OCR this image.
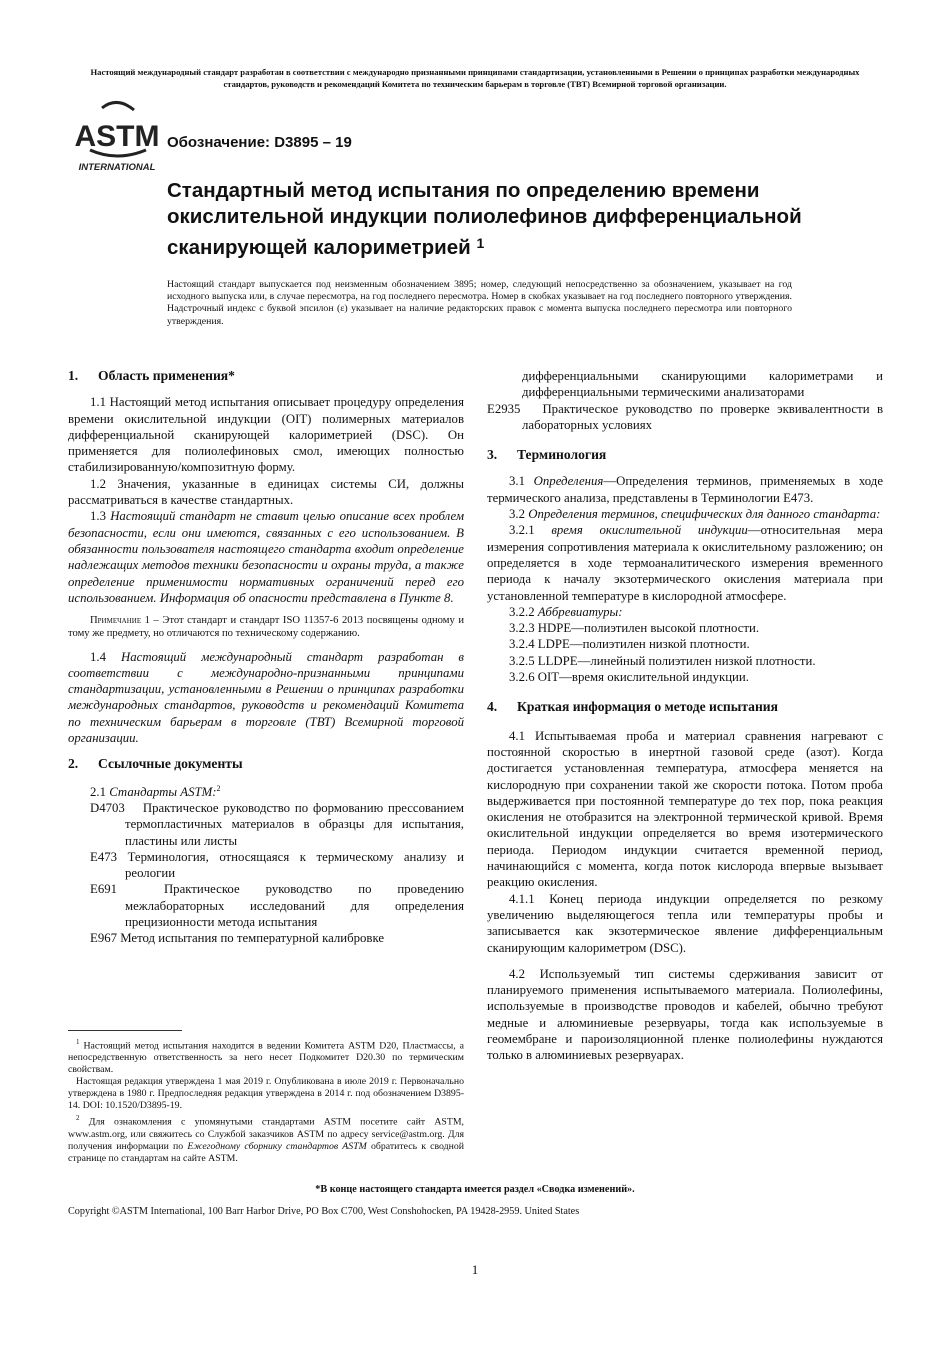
Настоящий международный стандарт разработан в соответствии с международно признанными принципами стандартизации, установленными в Решении о принципах разработки международных стандартов, руководств и рекомендаций Комитета по техническим барьерам в торговле (ТВТ) Всемирной торговой организации.
ASTM
INTERNATIONAL
Обозначение: D3895 – 19
Стандартный метод испытания по определению времени окислительной индукции полиолефинов дифференциальной сканирующей калориметрией $^1$
Настоящий стандарт выпускается под неизменным обозначением 3895; номер, следующий непосредственно за обозначением, указывает на год исходного выпуска или, в случае пересмотра, на год последнего пересмотра. Номер в скобках указывает на год последнего повторного утверждения. Надстрочный индекс с буквой эпсилон (ε) указывает на наличие редакторских правок с момента выпуска последнего пересмотра или повторного утверждения.
1. Область применения*
1.1 Настоящий метод испытания описывает процедуру определения времени окислительной индукции (OIT) полимерных материалов дифференциальной сканирующей калориметрией (DSC). Он применяется для полиолефиновых смол, имеющих полностью стабилизированную/композитную форму.
1.2 Значения, указанные в единицах системы СИ, должны рассматриваться в качестве стандартных.
1.3 Настоящий стандарт не ставит целью описание всех проблем безопасности, если они имеются, связанных с его использованием. В обязанности пользователя настоящего стандарта входит определение надлежащих методов техники безопасности и охраны труда, а также определение применимости нормативных ограничений перед его использованием. Информация об опасности представлена в Пункте 8.
Примечание 1 – Этот стандарт и стандарт ISO 11357-6 2013 посвящены одному и тому же предмету, но отличаются по техническому содержанию.
1.4 Настоящий международный стандарт разработан в соответствии с международно-признанными принципами стандартизации, установленными в Решении о принципах разработки международных стандартов, руководств и рекомендаций Комитета по техническим барьерам в торговле (ТВТ) Всемирной торговой организации.
2. Ссылочные документы
2.1 Стандарты ASTM:$^2$
D4703 Практическое руководство по формованию прессованием термопластичных материалов в образцы для испытания, пластины или листы
E473 Терминология, относящаяся к термическому анализу и реологии
E691	Практическое руководство по проведению межлабораторных исследований для определения прецизионности метода испытания
E967 Метод испытания по температурной калибровке

$^1$ Настоящий метод испытания находится в ведении Комитета ASTM D20, Пластмассы, а непосредственную ответственность за него несет Подкомитет D20.30 по термическим свойствам.

Настоящая редакция утверждена 1 мая 2019 г. Опубликована в июле 2019 г. Первоначально утверждена в 1980 г. Предпоследняя редакция утверждена в 2014 г. под обозначением D3895-14. DOI: 10.1520/D3895-19.

$^2$ Для ознакомления с упомянутыми стандартами ASTM посетите сайт ASTM, www.astm.org, или свяжитесь со Службой заказчиков ASTM по адресу service@astm.org. Для получения информации по Ежегодному сборнику стандартов ASTM обратитесь к сводной странице по стандартам на сайте ASTM.

дифференциальными сканирующими калориметрами и дифференциальными термическими анализаторами
E2935 Практическое руководство по проверке эквивалентности в лабораторных условиях
3. Терминология
3.1 Определения—Определения терминов, применяемых в ходе термического анализа, представлены в Терминологии E473.
3.2 Определения терминов, специфических для данного стандарта:
3.2.1 время окислительной индукции—относительная мера измерения сопротивления материала к окислительному разложению; он определяется в ходе термоаналитического измерения временного периода к началу экзотермического окисления материала при установленной температуре в кислородной атмосфере.
3.2.2 Аббревиатуры:
3.2.3 HDPE—полиэтилен высокой плотности.
3.2.4 LDPE—полиэтилен низкой плотности.
3.2.5 LLDPE—линейный полиэтилен низкой плотности.
3.2.6 OIT—время окислительной индукции.
4. Краткая информация о методе испытания
4.1 Испытываемая проба и материал сравнения нагревают с постоянной скоростью в инертной газовой среде (азот). Когда достигается установленная температура, атмосфера меняется на кислородную при сохранении такой же скорости потока. Потом проба выдерживается при постоянной температуре до тех пор, пока реакция окисления не отобразится на электронной термической кривой. Время окислительной индукции определяется во время изотермического периода. Периодом индукции считается временной период, начинающийся с момента, когда поток кислорода впервые вызывает реакцию окисления.
4.1.1 Конец периода индукции определяется по резкому увеличению выделяющегося тепла или температуры пробы и записывается как экзотермическое явление дифференциальным сканирующим калориметром (DSC).
4.2 Используемый тип системы сдерживания зависит от планируемого применения испытываемого материала. Полиолефины, используемые в производстве проводов и кабелей, обычно требуют медные и алюминиевые резервуары, тогда как используемые в геомембране и пароизоляционной пленке полиолефины нуждаются только в алюминиевых резервуарах.
*В конце настоящего стандарта имеется раздел «Сводка изменений».
Copyright ©ASTM International, 100 Barr Harbor Drive, PO Box C700, West Conshohocken, PA 19428-2959. United States
1
